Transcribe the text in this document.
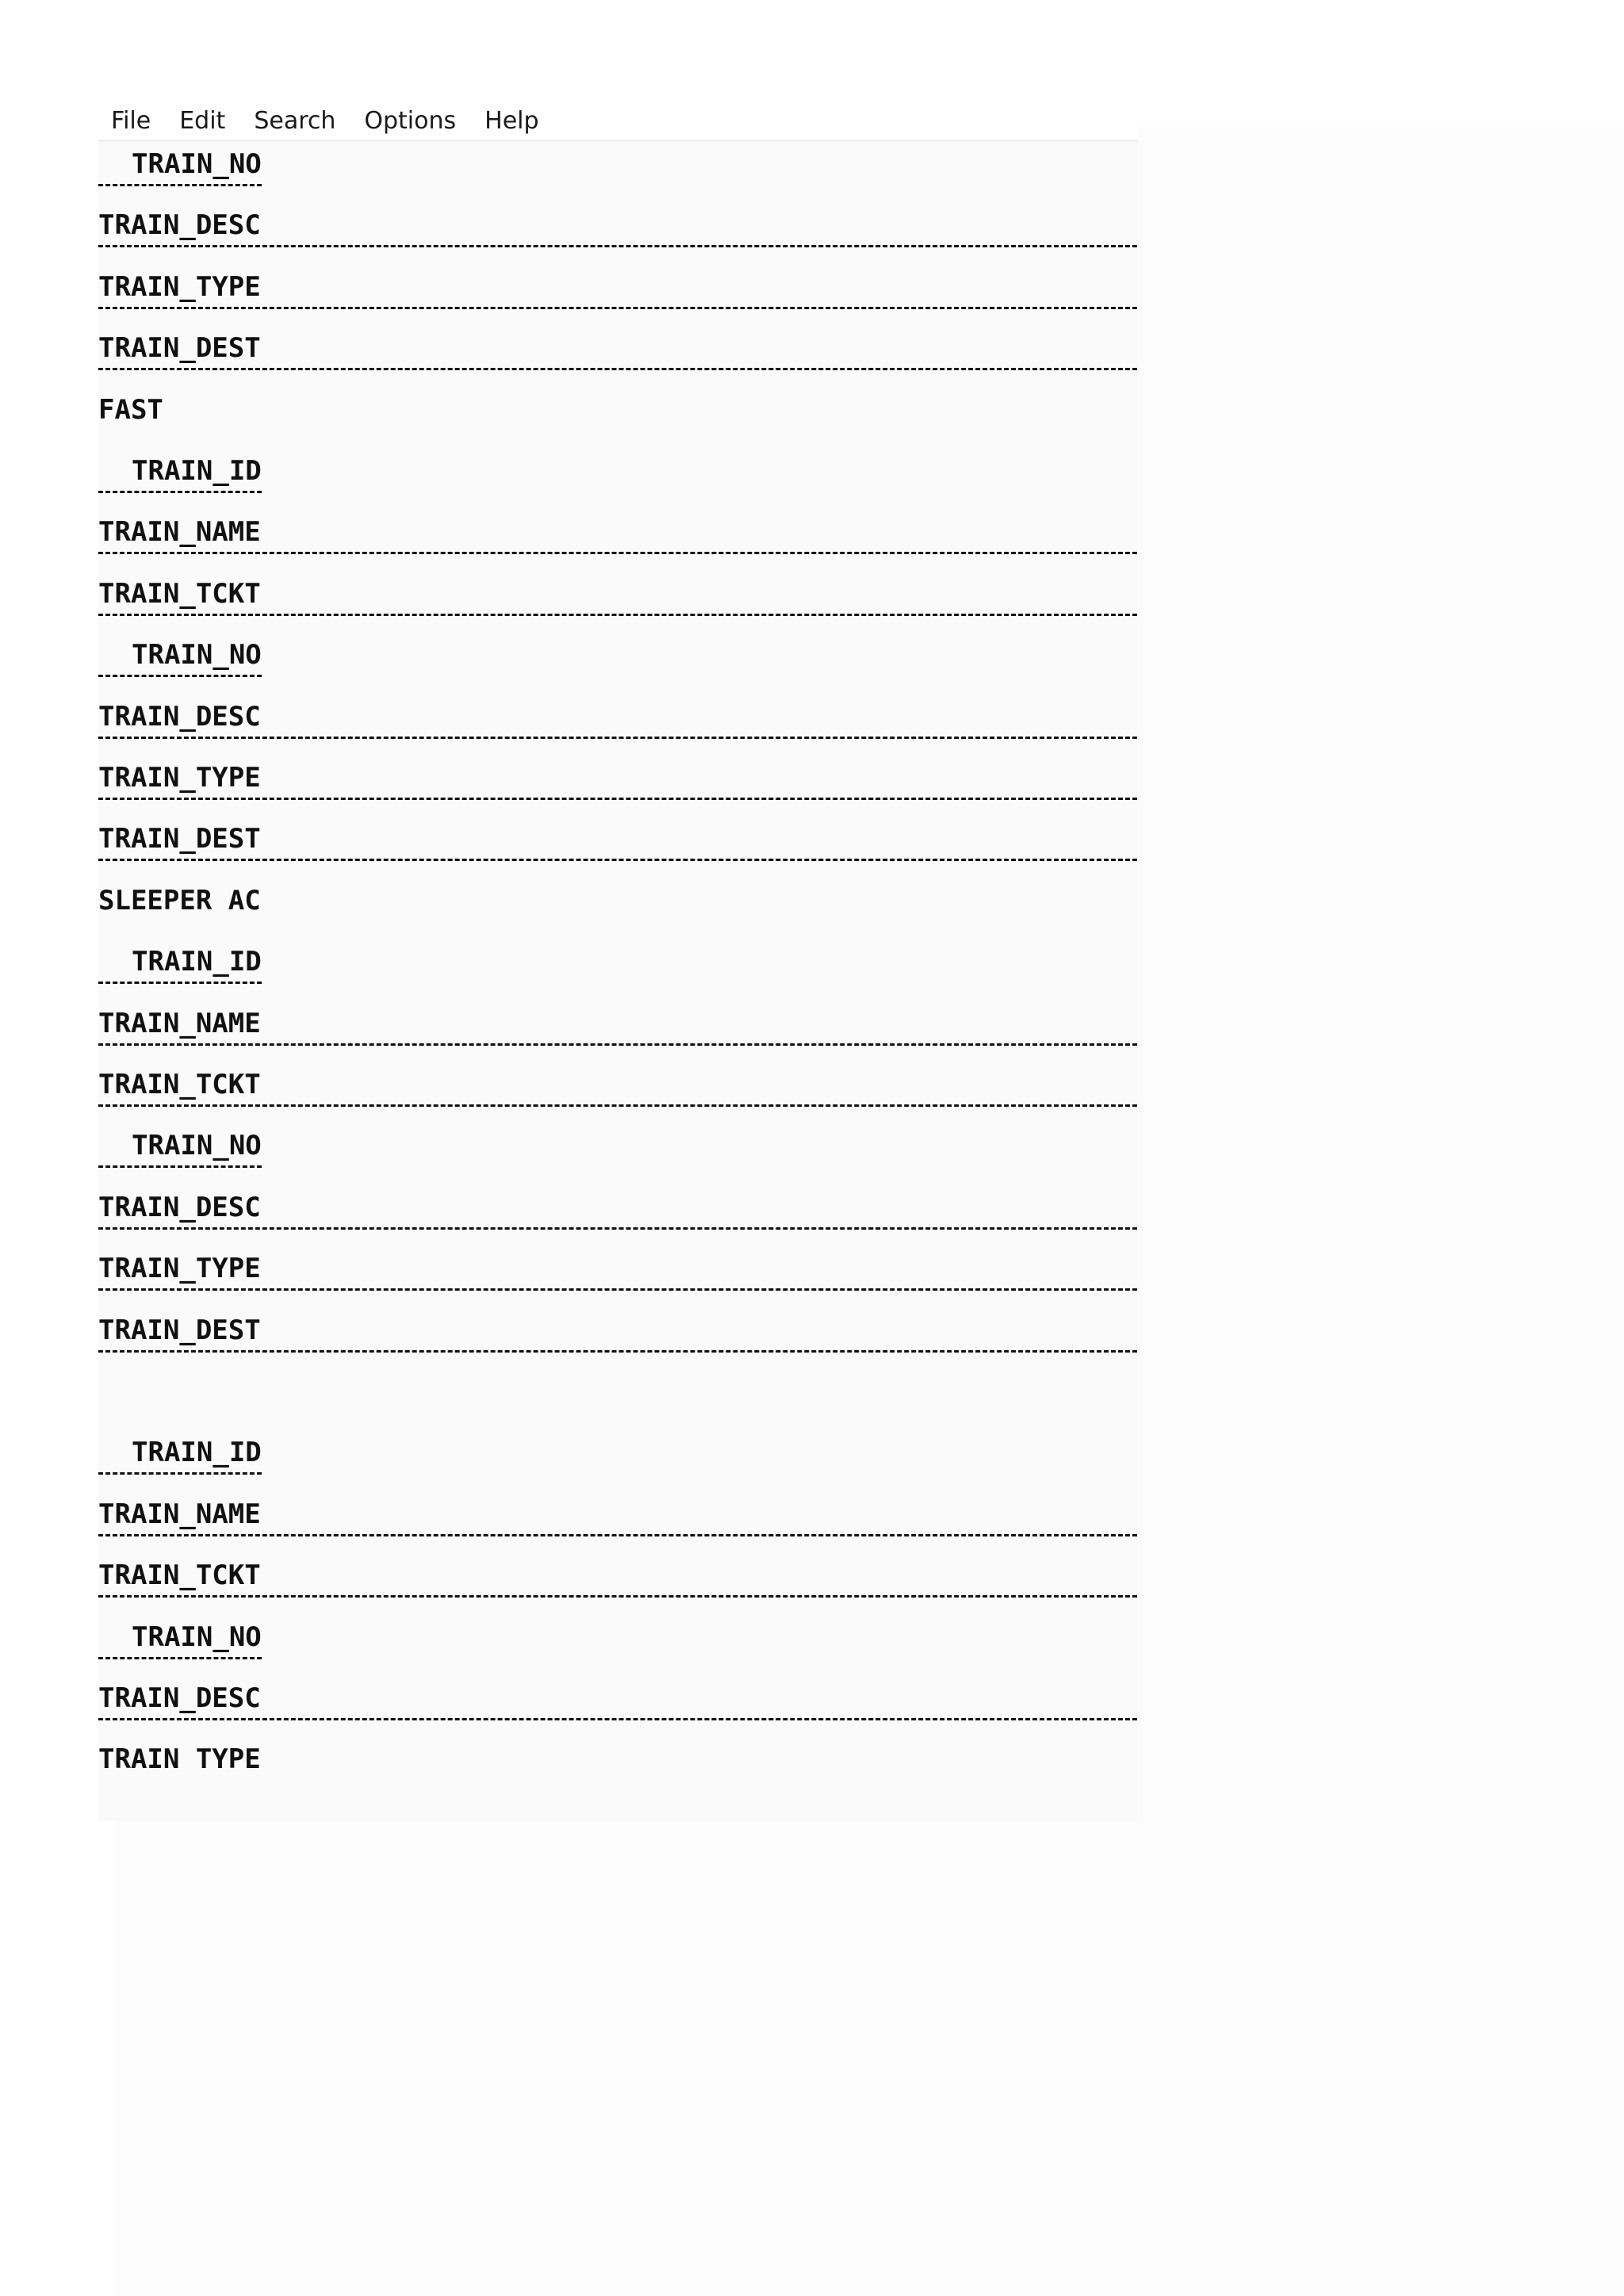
File Edit Search Options Help
TRAIN_NO
TRAIN_DESC
TRAIN_TYPE
TRAIN_DEST
FAST
TRAIN_ID
TRAIN_NAME
TRAIN_TCKT
TRAIN_NO
TRAIN_DESC
TRAIN_TYPE
TRAIN_DEST
SLEEPER AC
TRAIN_ID
TRAIN_NAME
TRAIN_TCKT
TRAIN_NO
TRAIN_DESC
TRAIN_TYPE
TRAIN_DEST
TRAIN_ID
TRAIN_NAME
TRAIN_TCKT
TRAIN_NO
TRAIN_DESC
TRAIN TYPE
